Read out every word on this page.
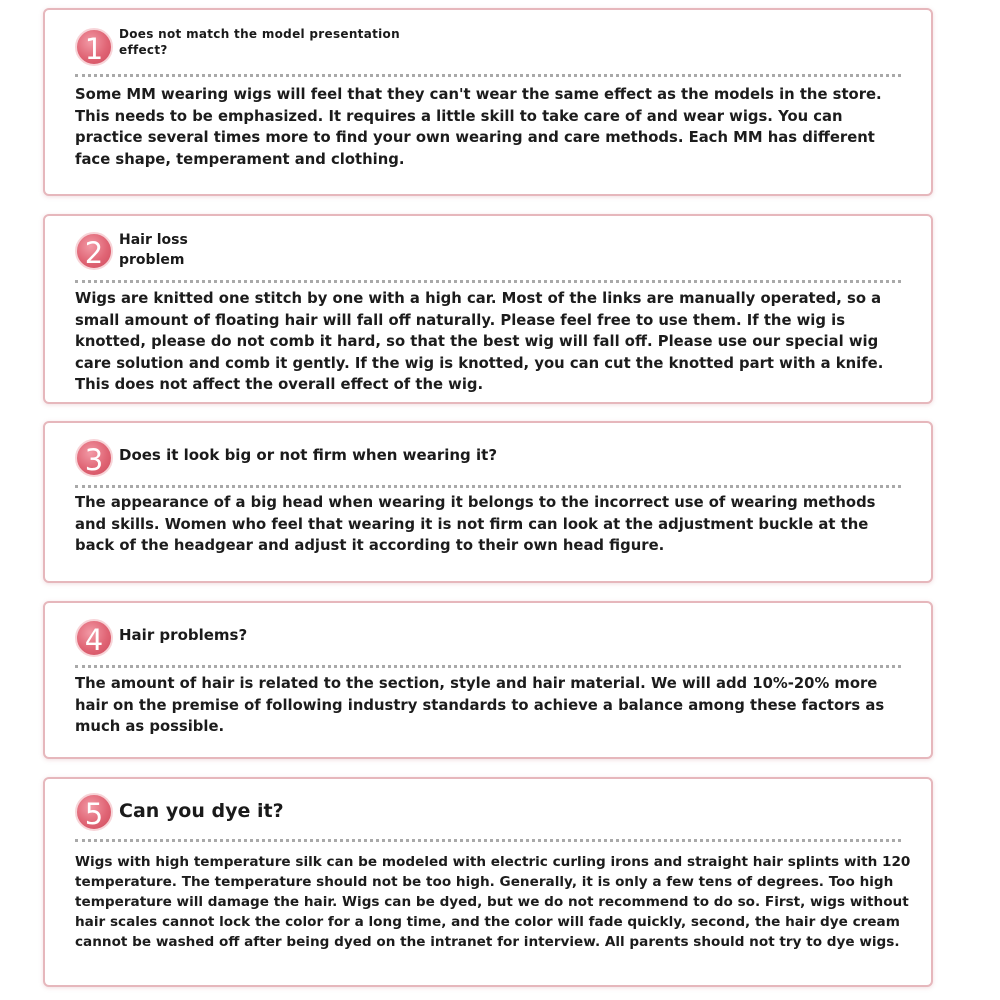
1	Does not match the model presentation
effect?
Some MM wearing wigs will feel that they can't wear the same effect as the models in the store. This needs to be emphasized. It requires a little skill to take care of and wear wigs. You can practice several times more to find your own wearing and care methods. Each MM has different face shape, temperament and clothing.
2	Hair loss
problem
Wigs are knitted one stitch by one with a high car. Most of the links are manually operated, so a small amount of floating hair will fall off naturally. Please feel free to use them. If the wig is knotted, please do not comb it hard, so that the best wig will fall off. Please use our special wig care solution and comb it gently. If the wig is knotted, you can cut the knotted part with a knife. This does not affect the overall effect of the wig.
3	Does it look big or not firm when wearing it?
The appearance of a big head when wearing it belongs to the incorrect use of wearing methods and skills. Women who feel that wearing it is not firm can look at the adjustment buckle at the back of the headgear and adjust it according to their own head figure.
4	Hair problems?
The amount of hair is related to the section, style and hair material. We will add 10%-20% more hair on the premise of following industry standards to achieve a balance among these factors as much as possible.
5 Can you dye it?
Wigs with high temperature silk can be modeled with electric curling irons and straight hair splints with 120 temperature. The temperature should not be too high. Generally, it is only a few tens of degrees. Too high temperature will damage the hair. Wigs can be dyed, but we do not recommend to do so. First, wigs without hair scales cannot lock the color for a long time, and the color will fade quickly, second, the hair dye cream cannot be washed off after being dyed on the intranet for interview. All parents should not try to dye wigs.
